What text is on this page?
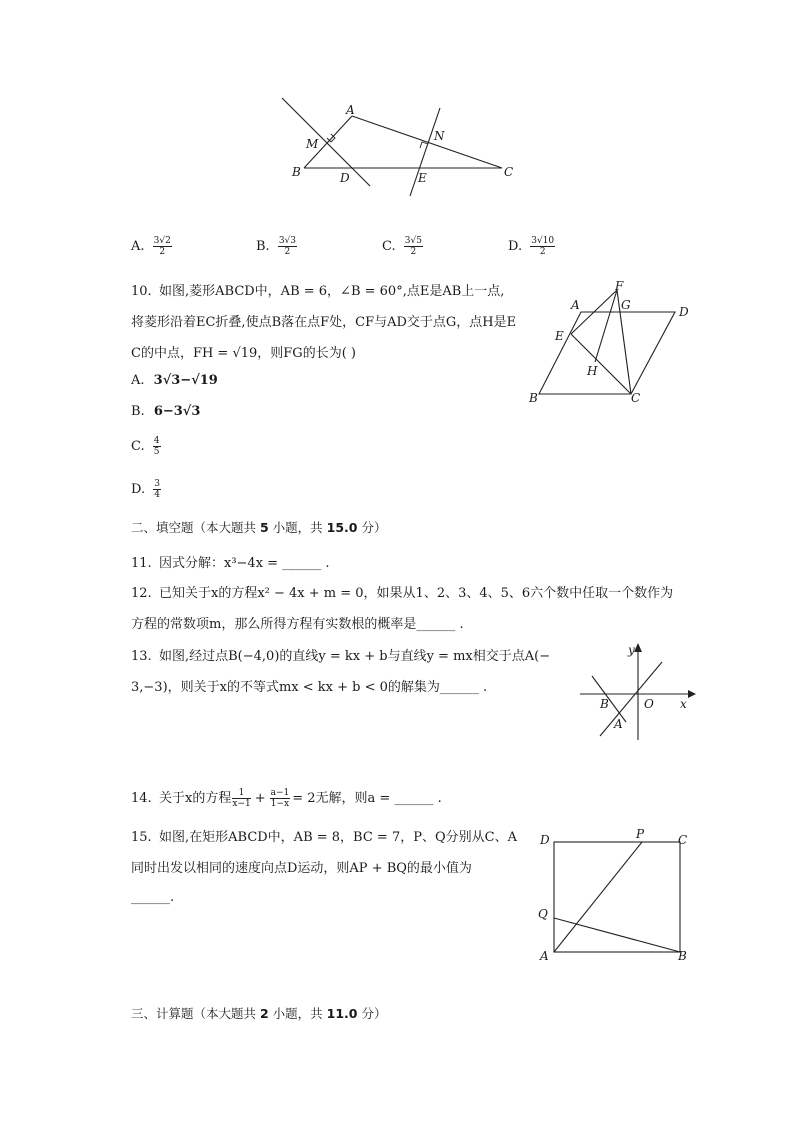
A
M
N
B	D	E	C
A. $\frac{3√2}{2}$	B. $\frac{3√3}{2}$	C. $\frac{3√5}{2}$	D. $\frac{3√10}{2}$
10. 如图,菱形ABCD中，AB = 6，∠B = 60°,点E是AB上一点,
将菱形沿着EC折叠,使点B落在点F处，CF与AD交于点G，点H是E
C的中点，FH = √19，则FG的长为( )
A. 3√3−√19
B. 6−3√3
C. $\frac{4}{5}$
D. $\frac{3}{4}$
F
A	G	D
E
H
B	C
二、填空题（本大题共 5 小题，共 15.0 分）
11. 因式分解：x³−4x = ______ .
12. 已知关于x的方程x² − 4x + m = 0，如果从1、2、3、4、5、6六个数中任取一个数作为
方程的常数项m，那么所得方程有实数根的概率是______ .
13. 如图,经过点B(−4,0)的直线y = kx + b与直线y = mx相交于点A(−
3,−3)，则关于x的不等式mx < kx + b < 0的解集为______ .
y
B	O x
A
14. 关于x的方程 $\frac{1}{x-1} + \frac{a-1}{1-x} = 2$无解，则a = ______ .
15. 如图,在矩形ABCD中，AB = 8，BC = 7，P、Q分别从C、A
同时出发以相同的速度向点D运动，则AP + BQ的最小值为
______.
D	P	C
Q
A	B
三、计算题（本大题共 2 小题，共 11.0 分）
